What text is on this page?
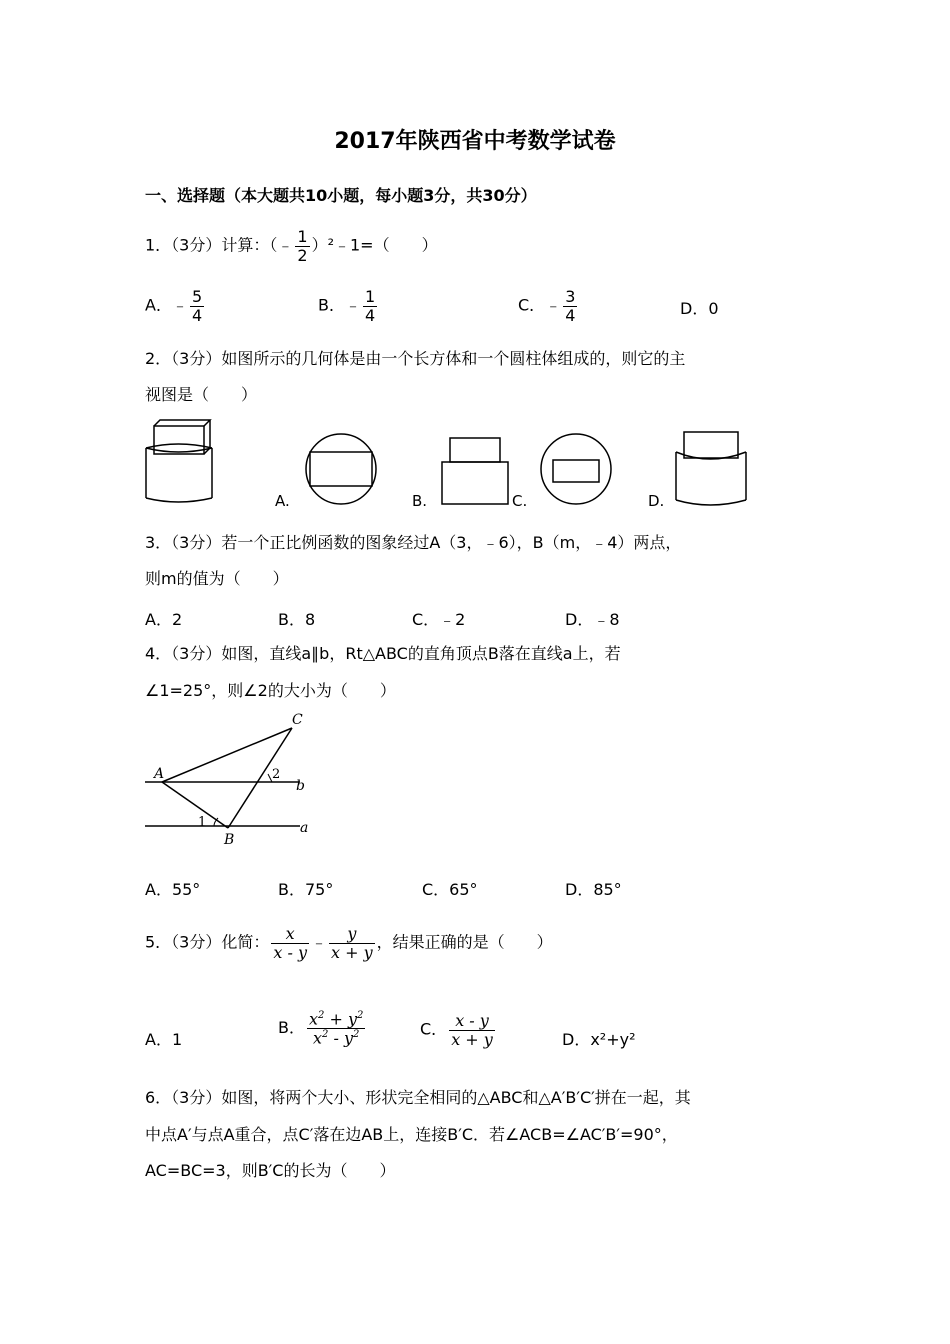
2017年陕西省中考数学试卷
一、选择题（本大题共10小题，每小题3分，共30分）
1．（3分）计算：（﹣ $\frac{1}{2}$ ）²﹣1=（　　）
A．﹣ $\frac{5}{4}$	B．﹣ $\frac{1}{4}$	C．﹣ $\frac{3}{4}$	D．0
2．（3分）如图所示的几何体是由一个长方体和一个圆柱体组成的，则它的主
视图是（　　）
A.	B.	C.	D.
3．（3分）若一个正比例函数的图象经过A（3，﹣6），B（m，﹣4）两点，
则m的值为（　　）
A．2	B．8	C．﹣2	D．﹣8
4．（3分）如图，直线a∥b，Rt△ABC的直角顶点B落在直线a上，若
∠1=25°，则∠2的大小为（　　）
C
A	2
b
1	a
B
A．55°	B．75°	C．65°	D．85°
5．（3分）化简： $\frac{x}{x - y}$ ﹣ $\frac{y}{x + y}$ ，结果正确的是（　　）
A．1
B． $\frac{x^2 + y^2}{x^2 - y^2}$	C． $\frac{x - y}{x + y}$	D．x²+y²
6．（3分）如图，将两个大小、形状完全相同的△ABC和△A′B′C′拼在一起，其
中点A′与点A重合，点C′落在边AB上，连接B′C．若∠ACB=∠AC′B′=90°，
AC=BC=3，则B′C的长为（　　）
